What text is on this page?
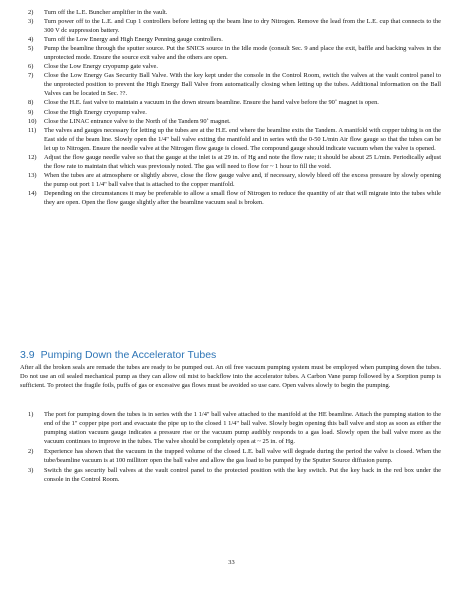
2)	Turn off the L.E. Buncher amplifier in the vault.
3)	Turn power off to the L.E. and Cup 1 controllers before letting up the beam line to dry Nitrogen. Remove the lead from the L.E. cup that connects to the 300 V dc suppression battery.
4)	Turn off the Low Energy and High Energy Penning gauge controllers.
5)	Pump the beamline through the sputter source. Put the SNICS source in the Idle mode (consult Sec. 9 and place the exit, baffle and backing valves in the unprotected mode. Ensure the source exit valve and the others are open.
6)	Close the Low Energy cryopump gate valve.
7)	Close the Low Energy Gas Security Ball Valve. With the key kept under the console in the Control Room, switch the valves at the vault control panel to the unprotected position to prevent the High Energy Ball Valve from automatically closing when letting up the tubes. Additional information on the Ball Valves can be located in Sec. ??.
8)	Close the H.E. fast valve to maintain a vacuum in the down stream beamline. Ensure the hand valve before the 90˚ magnet is open.
9)	Close the High Energy cryopump valve.
10)	Close the LINAC entrance valve to the North of the Tandem 90˚ magnet.
11)	The valves and gauges necessary for letting up the tubes are at the H.E. end where the beamline exits the Tandem. A manifold with copper tubing is on the East side of the beam line. Slowly open the 1/4" ball valve exiting the manifold and in series with the 0-50 L/min Air flow gauge so that the tubes can be let up to Nitrogen. Ensure the needle valve at the Nitrogen flow gauge is closed. The compound gauge should indicate vacuum when the valve is opened.
12)	Adjust the flow gauge needle valve so that the gauge at the inlet is at 29 in. of Hg and note the flow rate; it should be about 25 L/min. Periodically adjust the flow rate to maintain that which was previously noted. The gas will need to flow for ~ 1 hour to fill the void.
13)	When the tubes are at atmosphere or slightly above, close the flow gauge valve and, if necessary, slowly bleed off the excess pressure by slowly opening the pump out port 1 1/4" ball valve that is attached to the copper manifold.
14)	Depending on the circumstances it may be preferable to allow a small flow of Nitrogen to reduce the quantity of air that will migrate into the tubes while they are open. Open the flow gauge slightly after the beamline vacuum seal is broken.
3.9 Pumping Down the Accelerator Tubes

After all the broken seals are remade the tubes are ready to be pumped out. An oil free vacuum pumping system must be employed when pumping down the tubes. Do not use an oil sealed mechanical pump as they can allow oil mist to backflow into the accelerator tubes. A Carbon Vane pump followed by a Sorption pump is sufficient. To protect the fragile foils, puffs of gas or excessive gas flows must be avoided so use care. Open valves slowly to begin the pumping.

1)	The port for pumping down the tubes is in series with the 1 1/4" ball valve attached to the manifold at the HE beamline. Attach the pumping station to the end of the 1" copper pipe port and evacuate the pipe up to the closed 1 1/4" ball valve. Slowly begin opening this ball valve and stop as soon as either the pumping station vacuum gauge indicates a pressure rise or the vacuum pump audibly responds to a gas load. Slowly open the ball valve more as the vacuum continues to improve in the tubes. The valve should be completely open at ~ 25 in. of Hg.
2)	Experience has shown that the vacuum in the trapped volume of the closed L.E. ball valve will degrade during the period the valve is closed. When the tube/beamline vacuum is at 100 millitorr open the ball valve and allow the gas load to be pumped by the Sputter Source diffusion pump.
3)	Switch the gas security ball valves at the vault control panel to the protected position with the key switch. Put the key back in the red box under the console in the Control Room.
33
